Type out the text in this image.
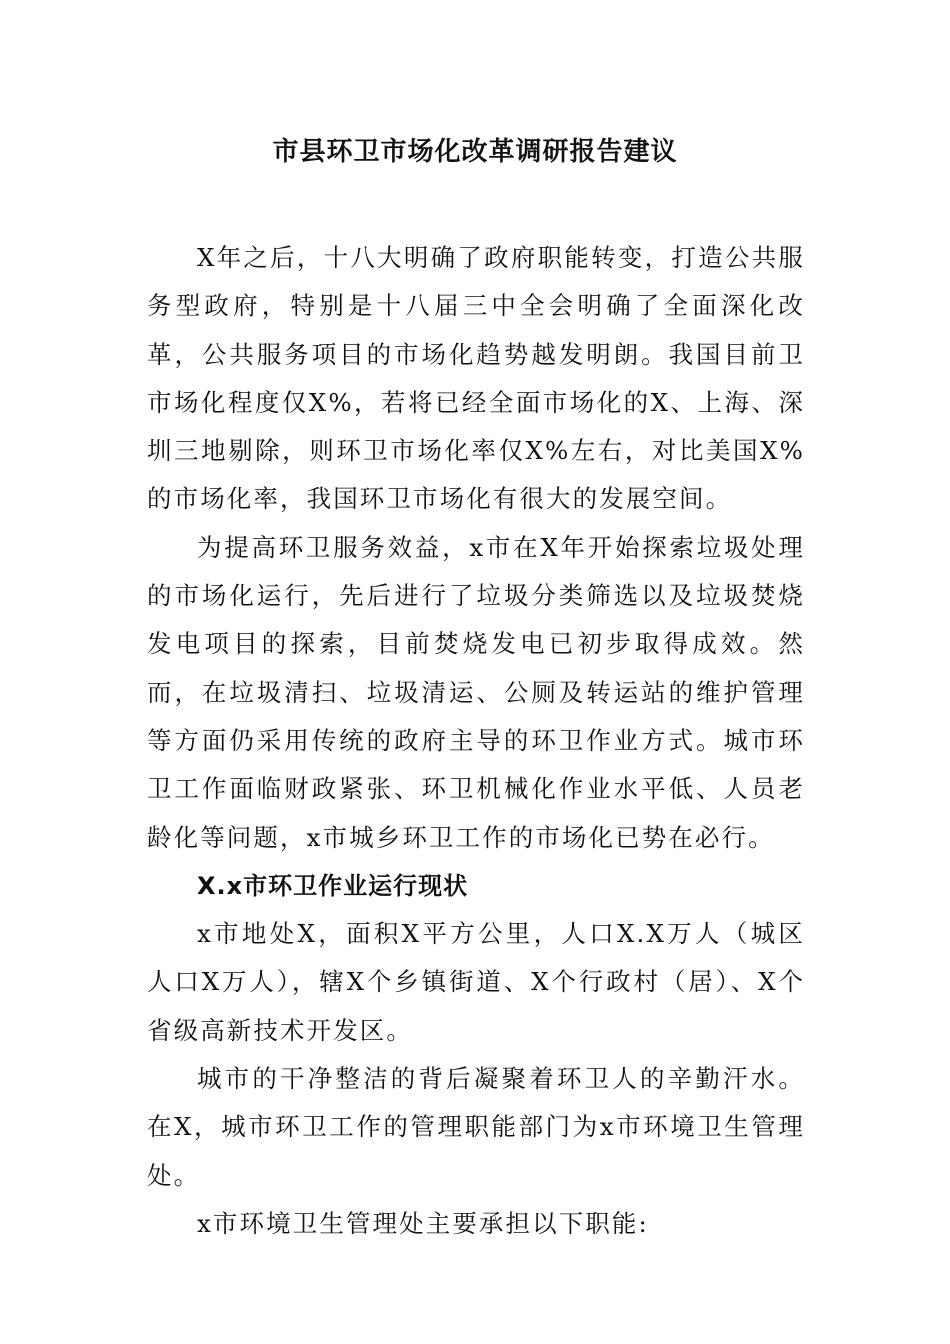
市县环卫市场化改革调研报告建议

X年之后，十八大明确了政府职能转变，打造公共服务型政府，特别是十八届三中全会明确了全面深化改革，公共服务项目的市场化趋势越发明朗。我国目前卫市场化程度仅X%，若将已经全面市场化的X、上海、深圳三地剔除，则环卫市场化率仅X%左右，对比美国X%的市场化率，我国环卫市场化有很大的发展空间。

为提高环卫服务效益，x市在X年开始探索垃圾处理的市场化运行，先后进行了垃圾分类筛选以及垃圾焚烧发电项目的探索，目前焚烧发电已初步取得成效。然而，在垃圾清扫、垃圾清运、公厕及转运站的维护管理等方面仍采用传统的政府主导的环卫作业方式。城市环卫工作面临财政紧张、环卫机械化作业水平低、人员老龄化等问题，x市城乡环卫工作的市场化已势在必行。

X.x市环卫作业运行现状

x市地处X，面积X平方公里，人口X.X万人（城区人口X万人），辖X个乡镇街道、X个行政村（居）、X个省级高新技术开发区。

城市的干净整洁的背后凝聚着环卫人的辛勤汗水。在X，城市环卫工作的管理职能部门为x市环境卫生管理处。

x市环境卫生管理处主要承担以下职能:
